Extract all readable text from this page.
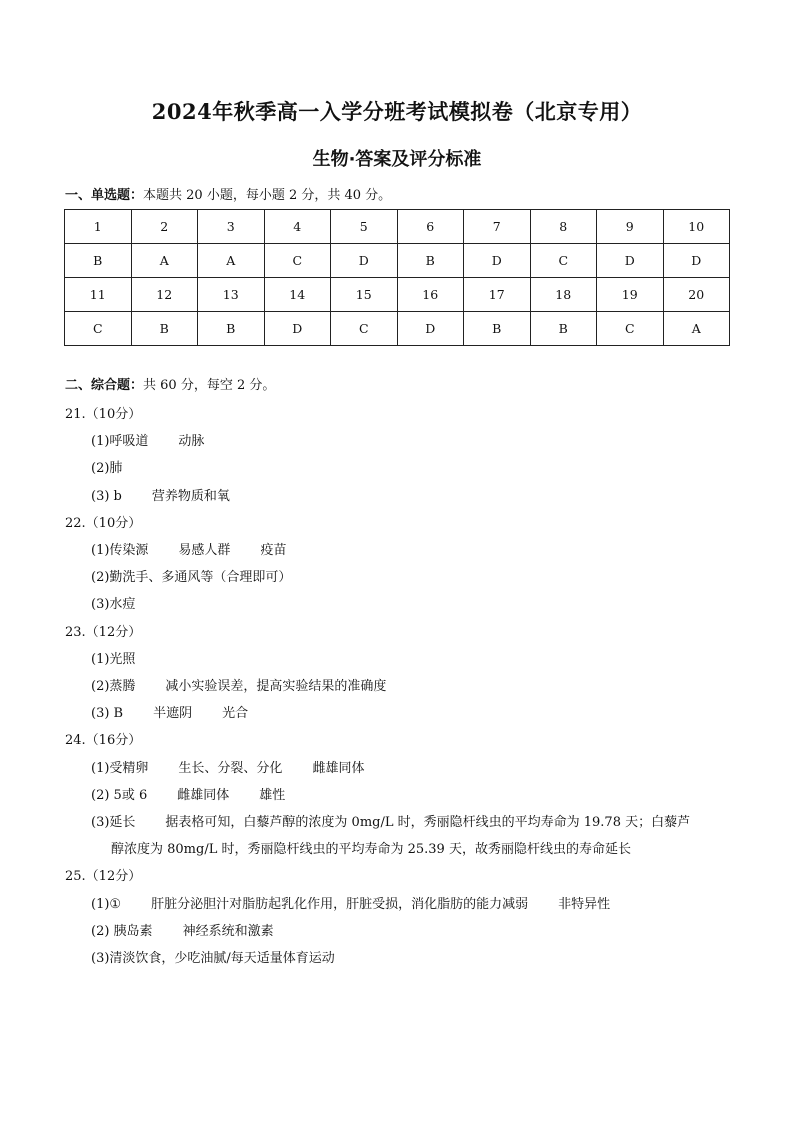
2024年秋季高一入学分班考试模拟卷（北京专用）
生物·答案及评分标准
一、单选题：本题共 20 小题，每小题 2 分，共 40 分。
1	2	3	4	5	6	7	8	9	10
B	A	A	C	D	B	D	C	D	D
11	12	13	14	15	16	17	18	19	20
C	B	B	D	C	D	B	B	C	A
二、综合题：共 60 分，每空 2 分。
21.（10分）
(1)呼吸道 动脉
(2)肺
(3) b 营养物质和氧
22.（10分）
(1)传染源 易感人群 疫苗
(2)勤洗手、多通风等（合理即可）
(3)水痘
23.（12分）
(1)光照
(2)蒸腾 减小实验误差，提高实验结果的准确度
(3) B 半遮阴 光合
24.（16分）
(1)受精卵 生长、分裂、分化 雌雄同体
(2) 5或 6 雌雄同体 雄性
(3)延长 据表格可知，白藜芦醇的浓度为 0mg/L 时，秀丽隐杆线虫的平均寿命为 19.78 天；白藜芦
醇浓度为 80mg/L 时，秀丽隐杆线虫的平均寿命为 25.39 天，故秀丽隐杆线虫的寿命延长
25.（12分）
(1)① 肝脏分泌胆汁对脂肪起乳化作用，肝脏受损，消化脂肪的能力减弱 非特异性
(2) 胰岛素 神经系统和激素
(3)清淡饮食，少吃油腻/每天适量体育运动
